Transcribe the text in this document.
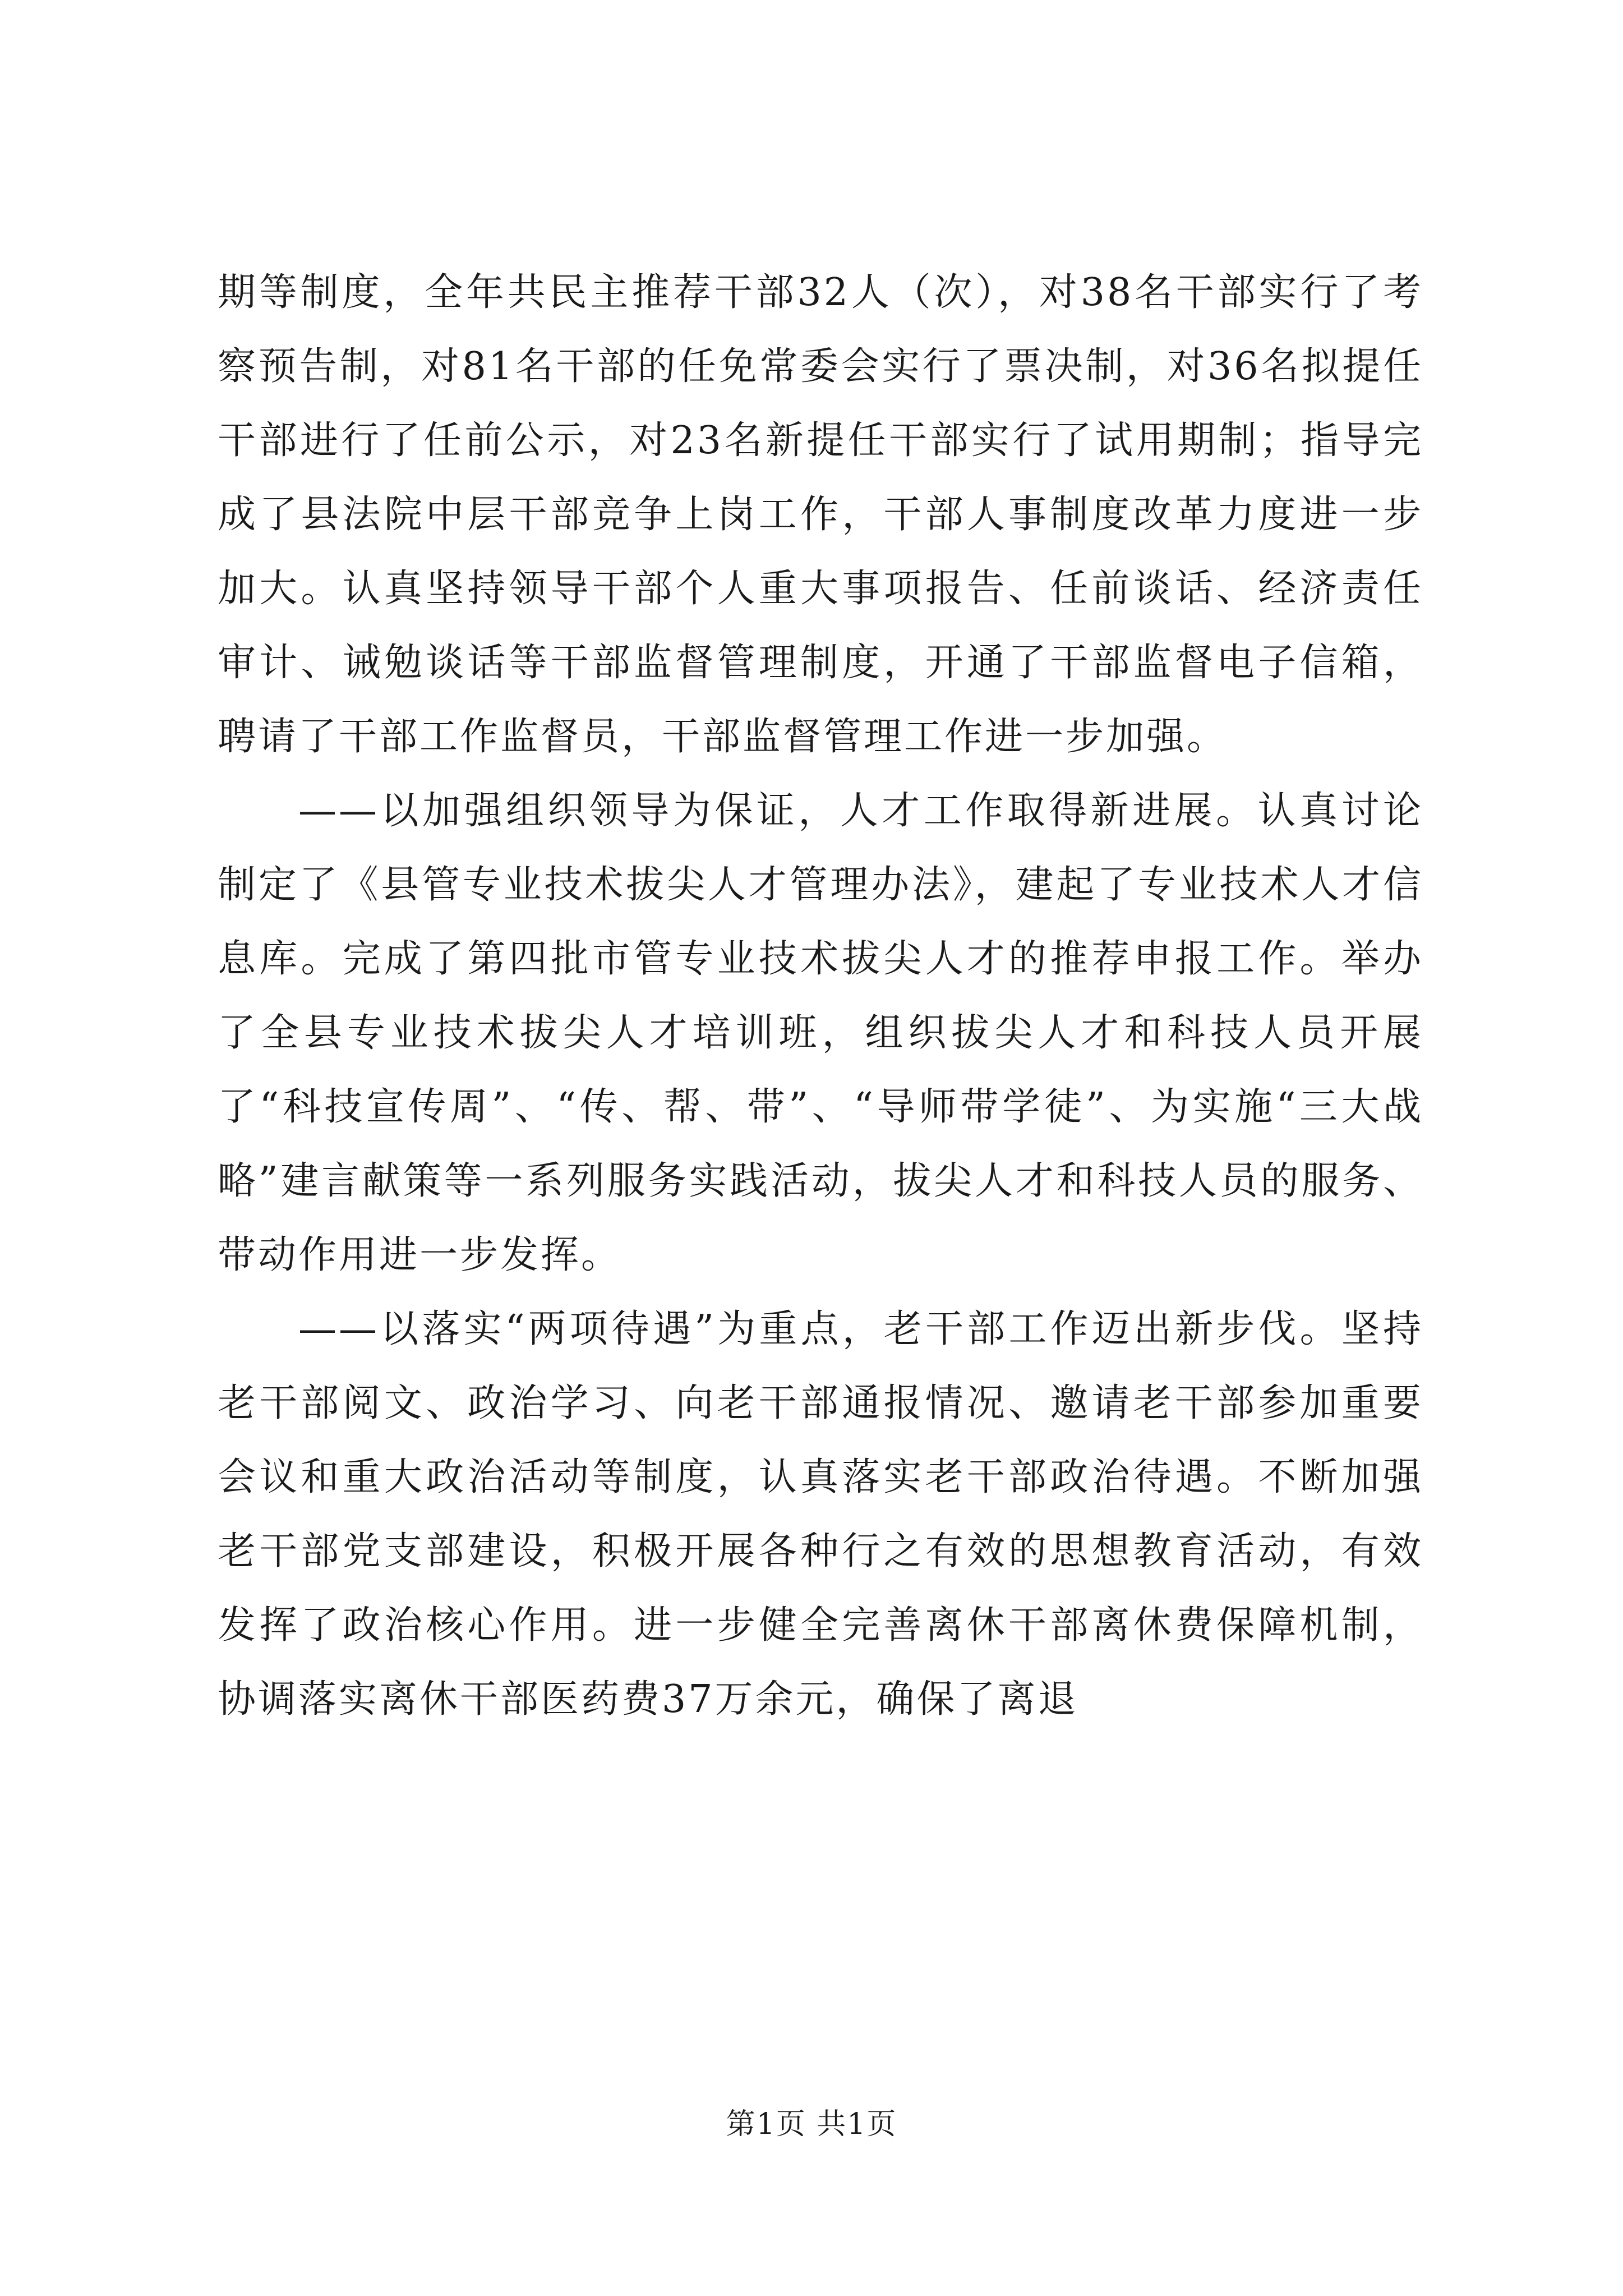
期等制度，全年共民主推荐干部32人（次），对38名干部实行了考察预告制，对81名干部的任免常委会实行了票决制，对36名拟提任干部进行了任前公示，对23名新提任干部实行了试用期制；指导完成了县法院中层干部竞争上岗工作，干部人事制度改革力度进一步加大。认真坚持领导干部个人重大事项报告、任前谈话、经济责任审计、诫勉谈话等干部监督管理制度，开通了干部监督电子信箱，聘请了干部工作监督员，干部监督管理工作进一步加强。

——以加强组织领导为保证，人才工作取得新进展。认真讨论制定了《县管专业技术拔尖人才管理办法》，建起了专业技术人才信息库。完成了第四批市管专业技术拔尖人才的推荐申报工作。举办了全县专业技术拔尖人才培训班，组织拔尖人才和科技人员开展了“科技宣传周”、“传、帮、带”、“导师带学徒”、为实施“三大战略”建言献策等一系列服务实践活动，拔尖人才和科技人员的服务、带动作用进一步发挥。

——以落实“两项待遇”为重点，老干部工作迈出新步伐。坚持老干部阅文、政治学习、向老干部通报情况、邀请老干部参加重要会议和重大政治活动等制度，认真落实老干部政治待遇。不断加强老干部党支部建设，积极开展各种行之有效的思想教育活动，有效发挥了政治核心作用。进一步健全完善离休干部离休费保障机制，协调落实离休干部医药费37万余元，确保了离退

第1页 共1页
